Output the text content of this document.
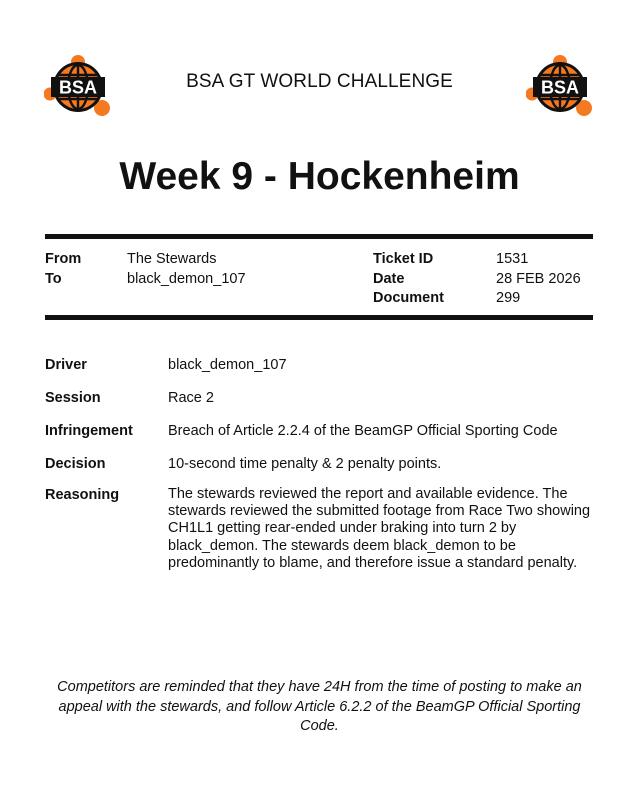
BSA	BSA
BSA GT WORLD CHALLENGE
Week 9 - Hockenheim
From	The Stewards
To	black_demon_107
Ticket ID	1531
Date	28 FEB 2026
Document	299
Driver	black_demon_107
Session	Race 2
Infringement Breach of Article 2.2.4 of the BeamGP Official Sporting Code
Decision	10-second time penalty & 2 penalty points.
Reasoning	The stewards reviewed the report and available evidence. The stewards reviewed the submitted footage from Race Two showing CH1L1 getting rear-ended under braking into turn 2 by black_demon. The stewards deem black_demon to be predominantly to blame, and therefore issue a standard penalty.

Competitors are reminded that they have 24H from the time of posting to make an appeal with the stewards, and follow Article 6.2.2 of the BeamGP Official Sporting Code.
